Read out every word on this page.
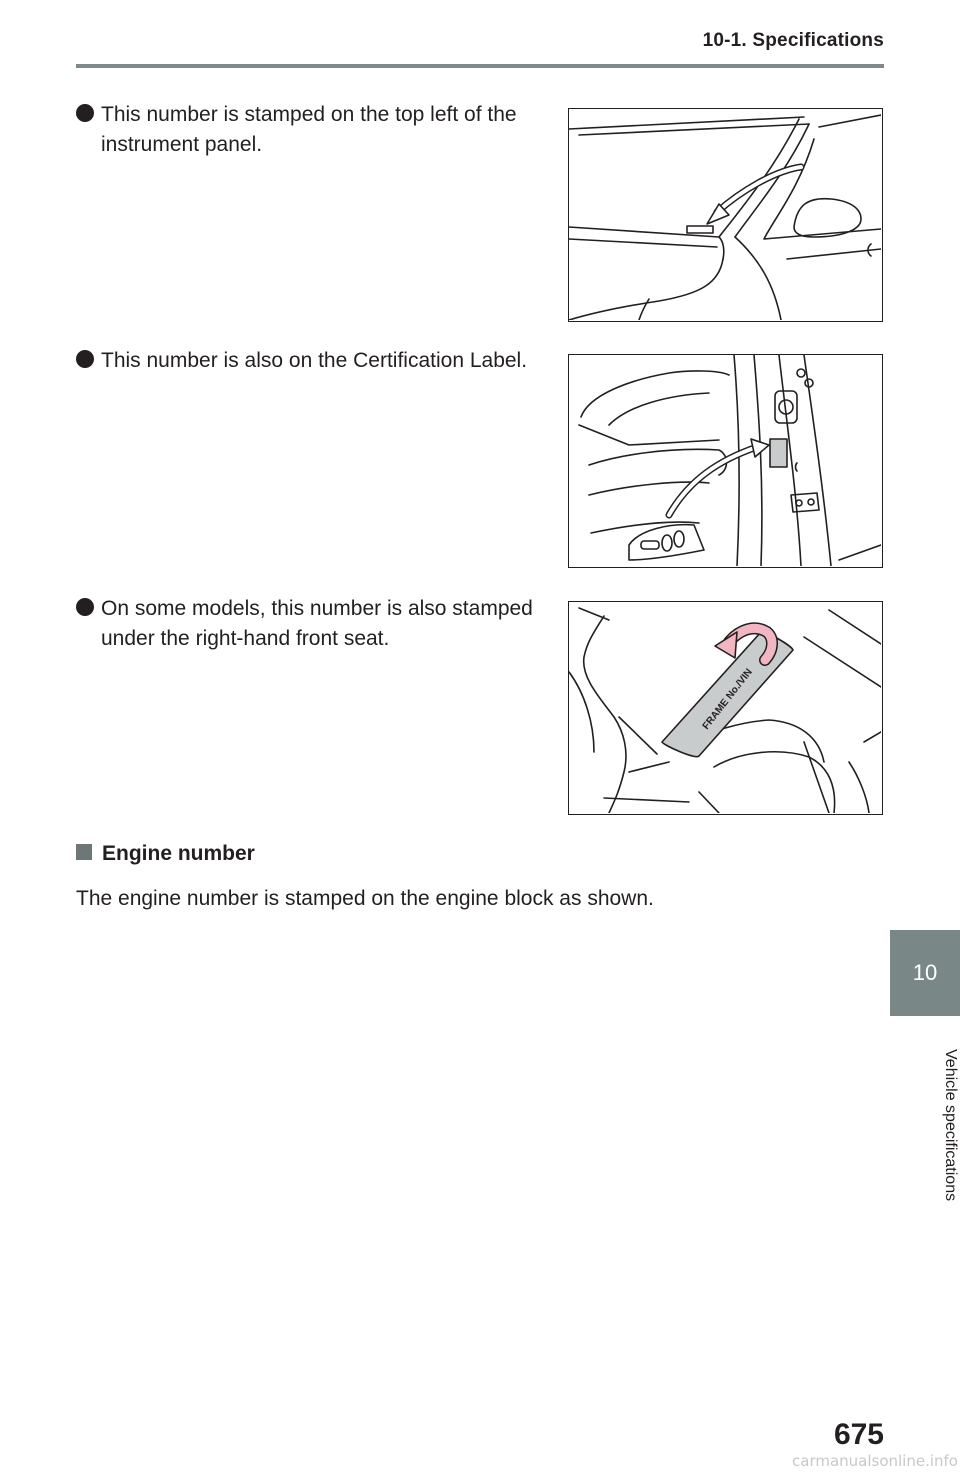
10-1. Specifications
This number is stamped on the top left of the instrument panel.
This number is also on the Certification Label.
On some models, this number is also stamped under the right-hand front seat.
FRAME No./VIN
Engine number
The engine number is stamped on the engine block as shown.
10
Vehicle specifications
675
carmanualsonline.info
